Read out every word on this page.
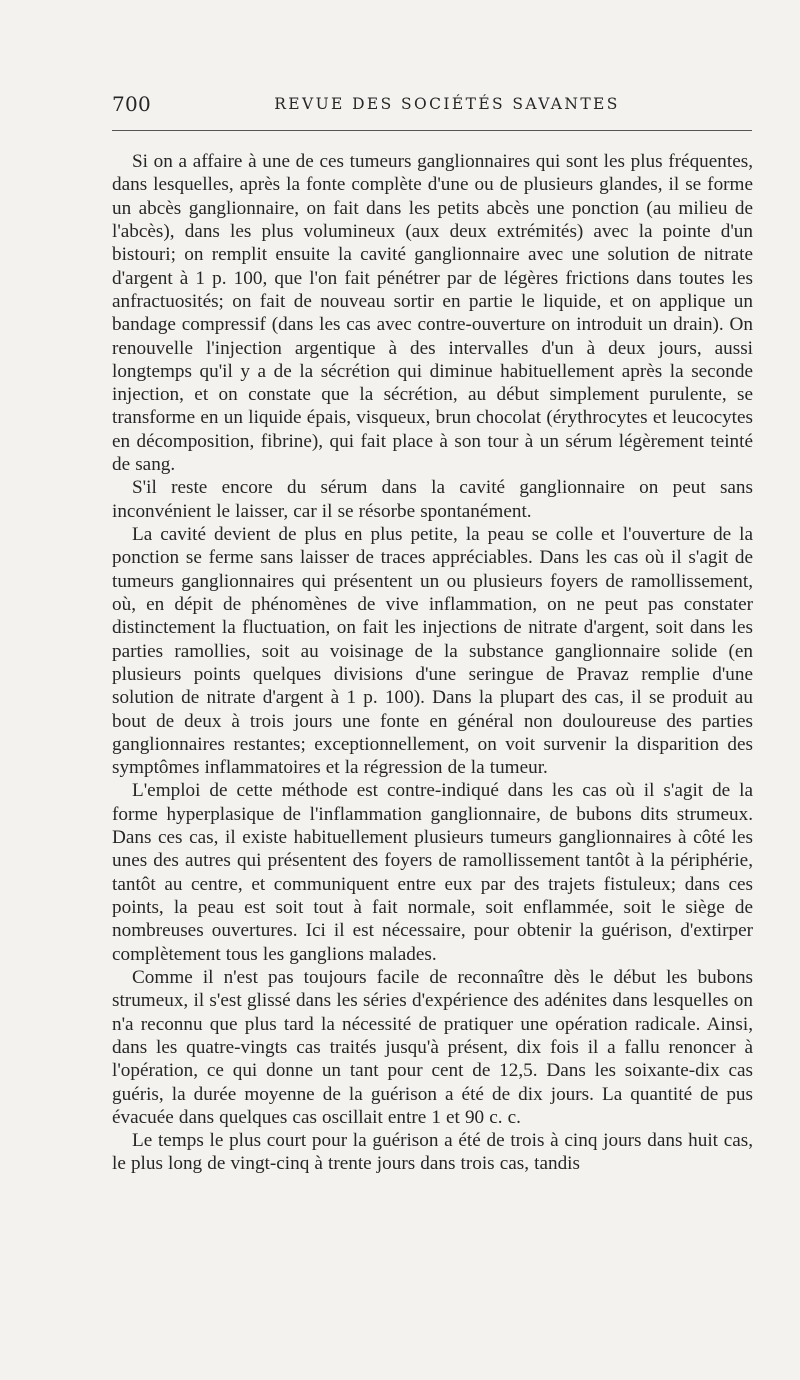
700	REVUE DES SOCIÉTÉS SAVANTES

Si on a affaire à une de ces tumeurs ganglionnaires qui sont les plus fréquentes, dans lesquelles, après la fonte complète d'une ou de plusieurs glandes, il se forme un abcès ganglionnaire, on fait dans les petits abcès une ponction (au milieu de l'abcès), dans les plus volumineux (aux deux extrémités) avec la pointe d'un bistouri; on remplit ensuite la cavité ganglionnaire avec une solution de nitrate d'argent à 1 p. 100, que l'on fait pénétrer par de légères frictions dans toutes les anfractuosités; on fait de nouveau sortir en partie le liquide, et on applique un bandage compressif (dans les cas avec contre-ouverture on introduit un drain). On renouvelle l'injection argentique à des intervalles d'un à deux jours, aussi longtemps qu'il y a de la sécrétion qui diminue habituellement après la seconde injection, et on constate que la sécrétion, au début simplement purulente, se transforme en un liquide épais, visqueux, brun chocolat (érythrocytes et leucocytes en décomposition, fibrine), qui fait place à son tour à un sérum légèrement teinté de sang.

S'il reste encore du sérum dans la cavité ganglionnaire on peut sans inconvénient le laisser, car il se résorbe spontanément.

La cavité devient de plus en plus petite, la peau se colle et l'ouverture de la ponction se ferme sans laisser de traces appréciables. Dans les cas où il s'agit de tumeurs ganglionnaires qui présentent un ou plusieurs foyers de ramollissement, où, en dépit de phénomènes de vive inflammation, on ne peut pas constater distinctement la fluctuation, on fait les injections de nitrate d'argent, soit dans les parties ramollies, soit au voisinage de la substance ganglionnaire solide (en plusieurs points quelques divisions d'une seringue de Pravaz remplie d'une solution de nitrate d'argent à 1 p. 100). Dans la plupart des cas, il se produit au bout de deux à trois jours une fonte en général non douloureuse des parties ganglionnaires restantes; exceptionnellement, on voit survenir la disparition des symptômes inflammatoires et la régression de la tumeur.

L'emploi de cette méthode est contre-indiqué dans les cas où il s'agit de la forme hyperplasique de l'inflammation ganglionnaire, de bubons dits strumeux. Dans ces cas, il existe habituellement plusieurs tumeurs ganglionnaires à côté les unes des autres qui présentent des foyers de ramollissement tantôt à la périphérie, tantôt au centre, et communiquent entre eux par des trajets fistuleux; dans ces points, la peau est soit tout à fait normale, soit enflammée, soit le siège de nombreuses ouvertures. Ici il est nécessaire, pour obtenir la guérison, d'extirper complètement tous les ganglions malades.

Comme il n'est pas toujours facile de reconnaître dès le début les bubons strumeux, il s'est glissé dans les séries d'expérience des adénites dans lesquelles on n'a reconnu que plus tard la nécessité de pratiquer une opération radicale. Ainsi, dans les quatre-vingts cas traités jusqu'à présent, dix fois il a fallu renoncer à l'opération, ce qui donne un tant pour cent de 12,5. Dans les soixante-dix cas guéris, la durée moyenne de la guérison a été de dix jours. La quantité de pus évacuée dans quelques cas oscillait entre 1 et 90 c. c.

Le temps le plus court pour la guérison a été de trois à cinq jours dans huit cas, le plus long de vingt-cinq à trente jours dans trois cas, tandis
